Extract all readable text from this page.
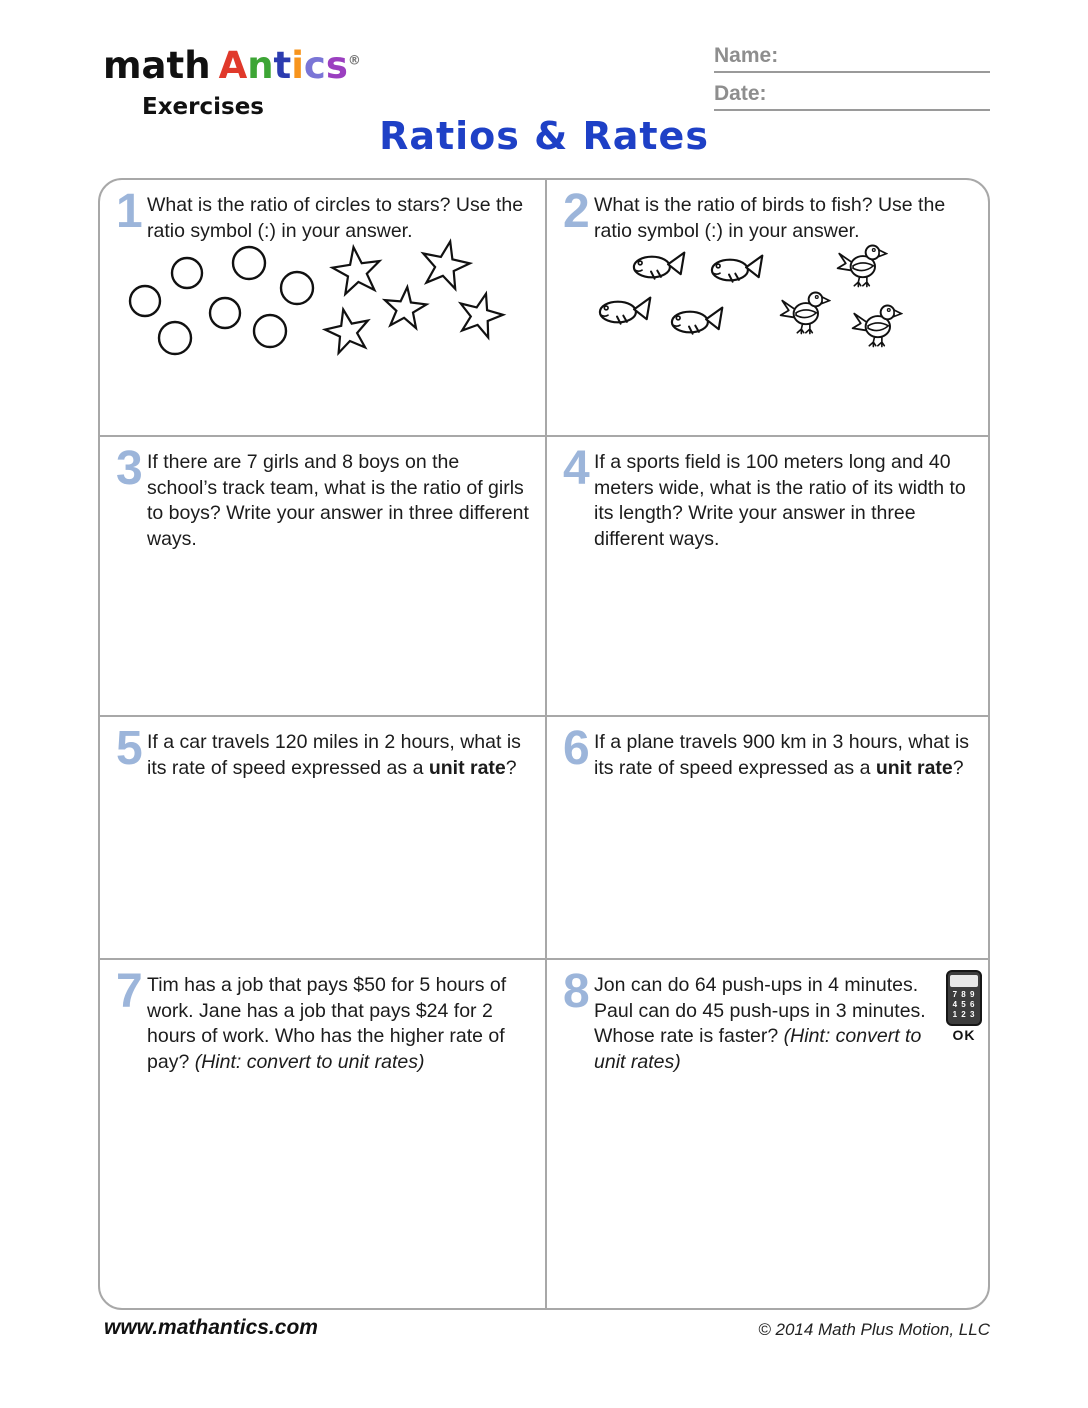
math Antics®
Exercises
Name:
Date:
Ratios & Rates
1 What is the ratio of circles to stars? Use the ratio symbol (:) in your answer.	2 What is the ratio of birds to fish? Use the ratio symbol (:) in your answer.
3 If there are 7 girls and 8 boys on the school’s track team, what is the ratio of girls to boys? Write your answer in three different ways.
4 If a sports field is 100 meters long and 40 meters wide, what is the ratio of its width to its length? Write your answer in three different ways.
5 If a car travels 120 miles in 2 hours, what is its rate of speed expressed as a unit rate? 6 If a plane travels 900 km in 3 hours, what is its rate of speed expressed as a unit rate?
7 Tim has a job that pays $50 for 5 hours of work. Jane has a job that pays $24 for 2 hours of work. Who has the higher rate of pay? (Hint: convert to unit rates)
8 Jon can do 64 push-ups in 4 minutes. Paul can do 45 push-ups in 3 minutes. Whose rate is faster? (Hint: convert to unit rates)
7 8 9
4 5 6
1 2 3
OK
www.mathantics.com	© 2014 Math Plus Motion, LLC
